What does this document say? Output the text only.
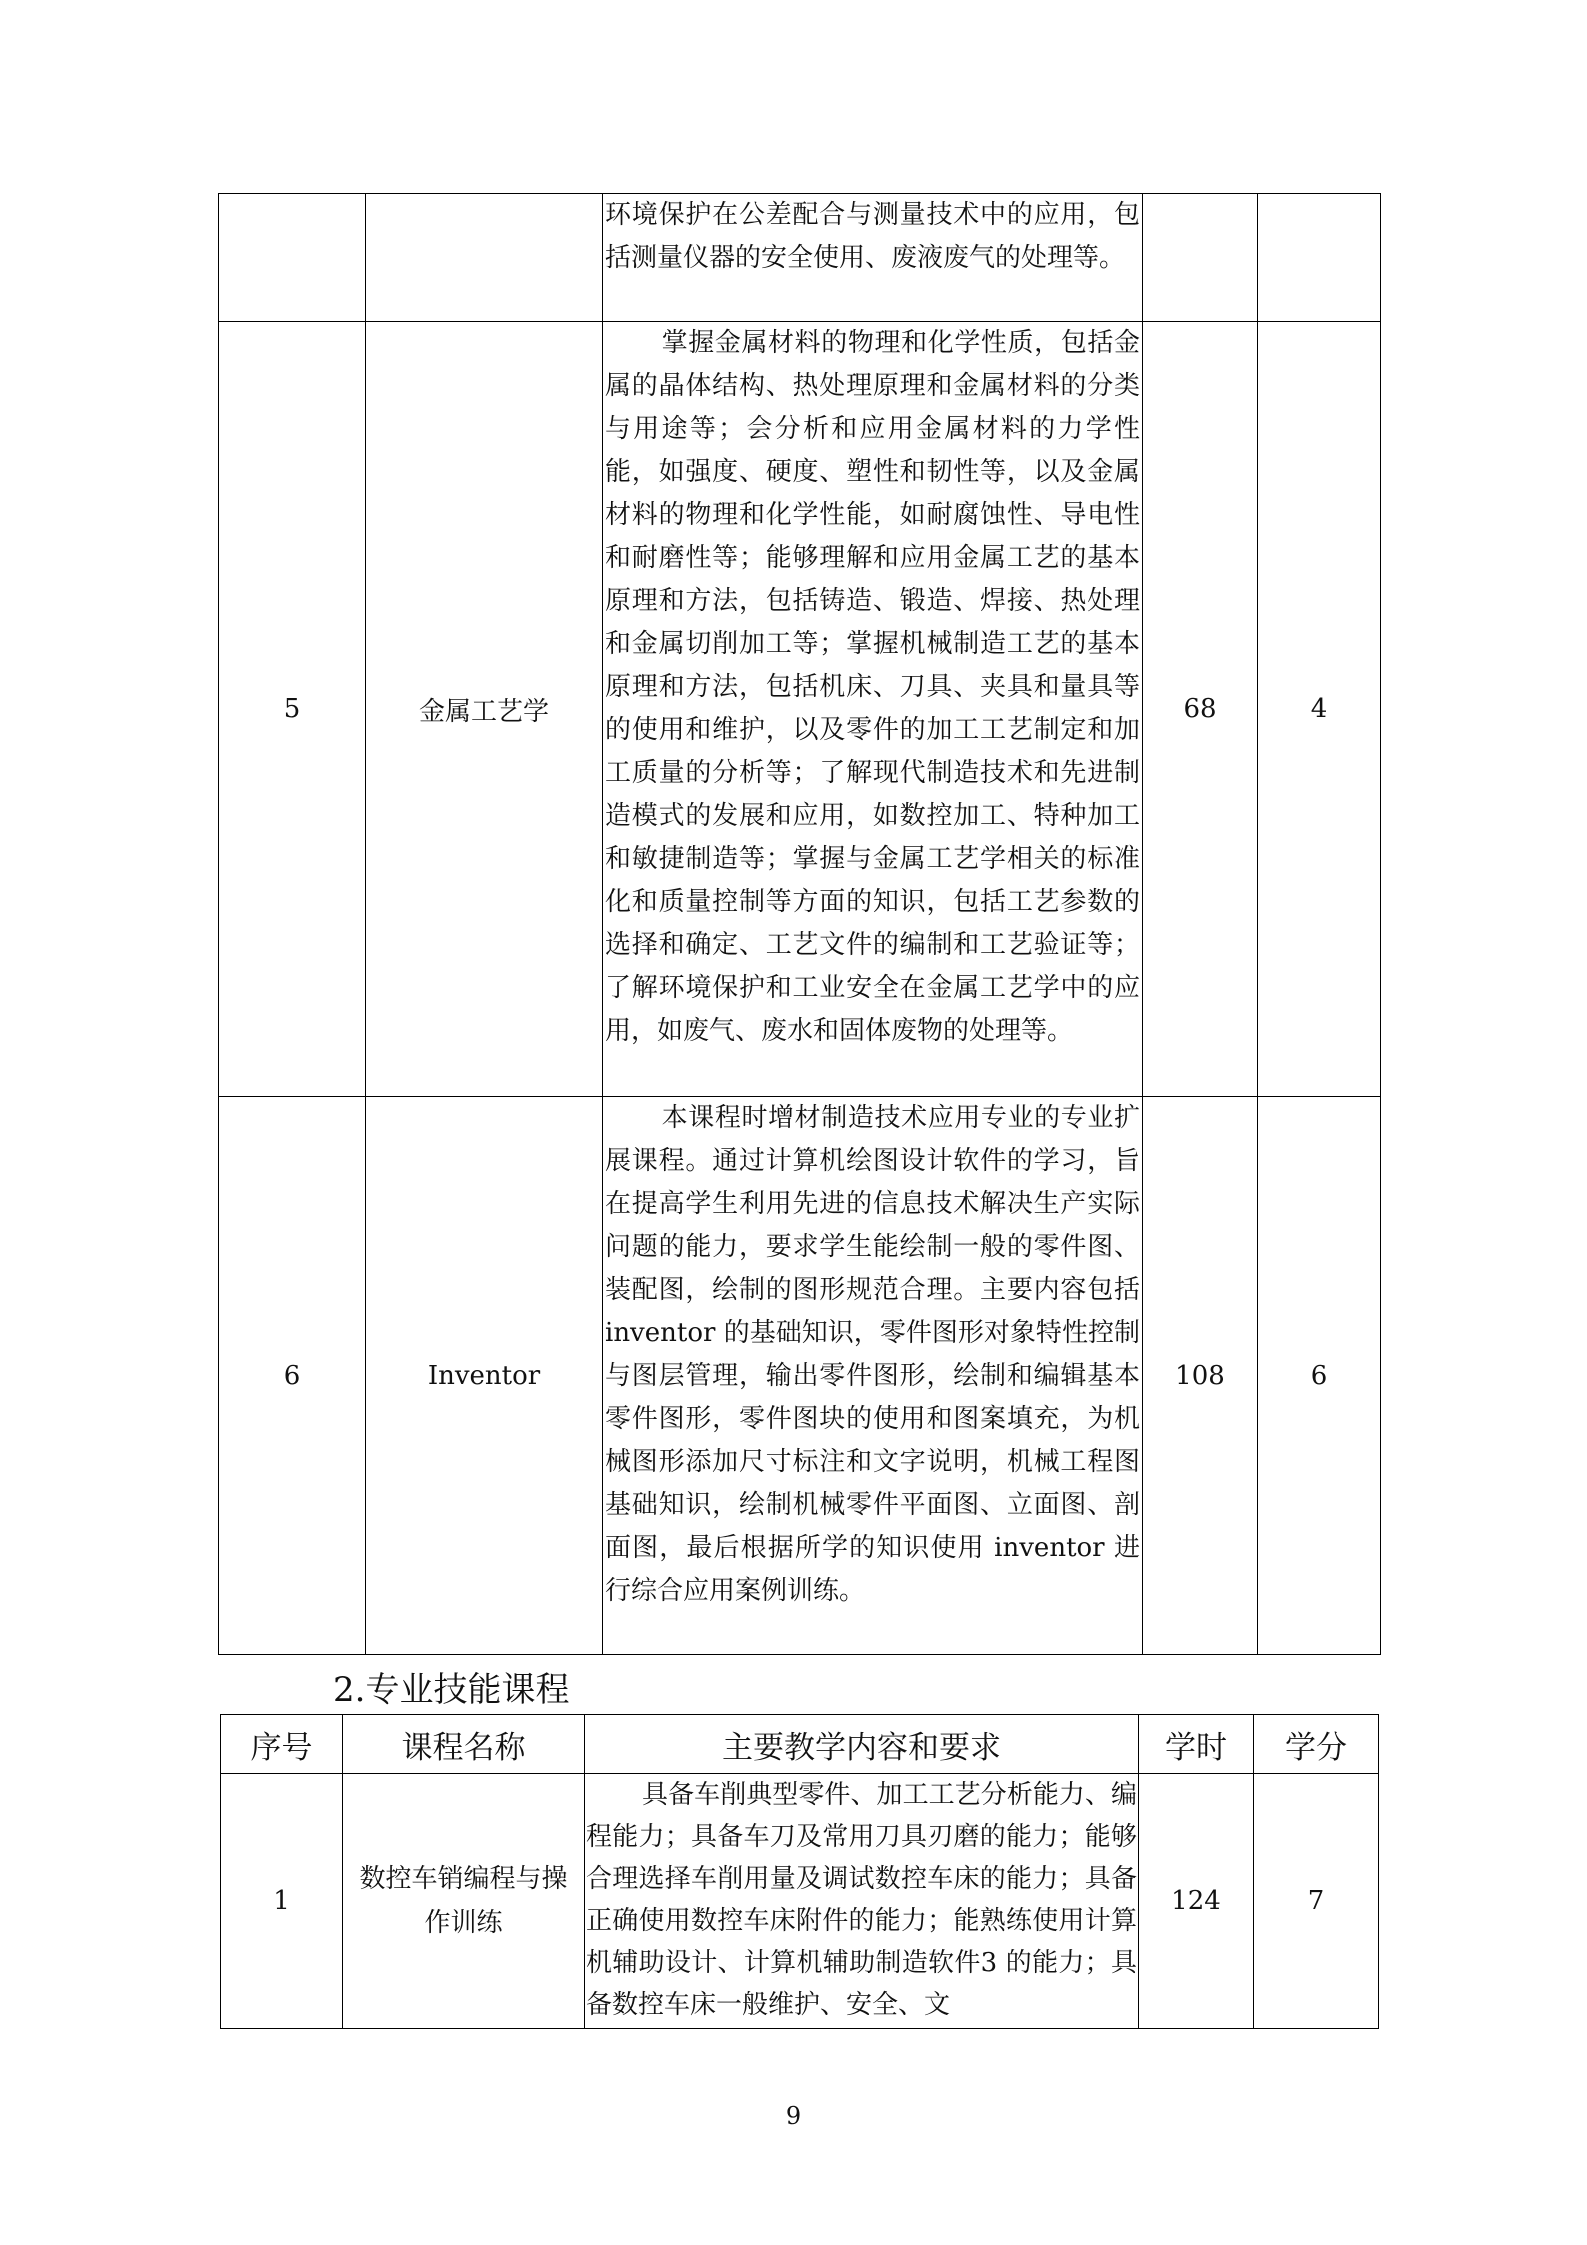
		环境保护在公差配合与测量技术中的应用，包括测量仪器的安全使用、废液废气的处理等。		
5	金属工艺学	掌握金属材料的物理和化学性质，包括金属的晶体结构、热处理原理和金属材料的分类与用途等；会分析和应用金属材料的力学性能，如强度、硬度、塑性和韧性等，以及金属材料的物理和化学性能，如耐腐蚀性、导电性和耐磨性等；能够理解和应用金属工艺的基本原理和方法，包括铸造、锻造、焊接、热处理和金属切削加工等；掌握机械制造工艺的基本原理和方法，包括机床、刀具、夹具和量具等的使用和维护，以及零件的加工工艺制定和加工质量的分析等；了解现代制造技术和先进制造模式的发展和应用，如数控加工、特种加工和敏捷制造等；掌握与金属工艺学相关的标准化和质量控制等方面的知识，包括工艺参数的选择和确定、工艺文件的编制和工艺验证等；了解环境保护和工业安全在金属工艺学中的应用，如废气、废水和固体废物的处理等。	68	4
6	Inventor	本课程时增材制造技术应用专业的专业扩展课程。通过计算机绘图设计软件的学习，旨在提高学生利用先进的信息技术解决生产实际问题的能力，要求学生能绘制一般的零件图、装配图，绘制的图形规范合理。主要内容包括 inventor 的基础知识，零件图形对象特性控制与图层管理，输出零件图形，绘制和编辑基本零件图形，零件图块的使用和图案填充，为机械图形添加尺寸标注和文字说明，机械工程图基础知识，绘制机械零件平面图、立面图、剖面图，最后根据所学的知识使用 inventor 进行综合应用案例训练。	108	6
2.专业技能课程
序号	课程名称	主要教学内容和要求	学时	学分
1	数控车销编程与操作训练	具备车削典型零件、加工工艺分析能力、编程能力；具备车刀及常用刀具刃磨的能力；能够合理选择车削用量及调试数控车床的能力；具备正确使用数控车床附件的能力；能熟练使用计算机辅助设计、计算机辅助制造软件3 的能力；具备数控车床一般维护、安全、文	124	7
9
